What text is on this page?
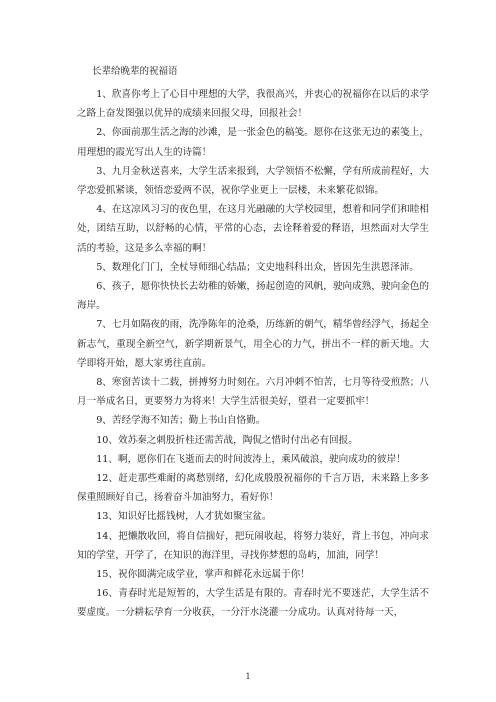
长辈给晚辈的祝福语

1、欣喜你考上了心目中理想的大学，我很高兴，并衷心的祝福你在以后的求学之路上奋发图强以优异的成绩来回报父母，回报社会！

2、你面前那生活之海的沙滩，是一张金色的稿笺。愿你在这张无边的素笺上，用理想的霞光写出人生的诗篇！

3、九月金秋送喜来，大学生活来报到，大学领悟不松懈，学有所成前程好，大学恋爱抓紧谈，领悟恋爱两不误，祝你学业更上一层楼，未来繁花似锦。

4、在这凉风习习的夜色里，在这月光融融的大学校园里，想着和同学们和睦相处，团结互助，以舒畅的心情，平常的心态，去诠释着爱的释语，坦然面对大学生活的考验，这是多么幸福的啊！

5、数理化门门，全杖导师细心结晶；文史地科科出众，皆因先生洪恩泽沛。

6、孩子，愿你快快长去幼稚的娇嫩，扬起创造的风帆，驶向成熟，驶向金色的海岸。

7、七月如隔夜的雨，洗净陈年的沧桑，历练新的朝气，精华曾经浮气，扬起全新志气，重现全新空气，新学期新景气，用全心的力气，拼出不一样的新天地。大学即将开始，愿大家勇往直前。

8、寒窗苦读十二载，拼搏努力时刻在。六月冲刺不怕苦，七月等待受煎熬；八月一举成名日，更要努力为将来！大学生活很美好，望君一定要抓牢！

9、苦经学海不知苦；勤上书山自恪勤。

10、效苏秦之刺股折桂还需苦战，陶侃之惜时付出必有回报。

11、啊，愿你们在飞逝而去的时间波涛上，乘风破浪，驶向成功的彼岸！

12、赶走那些难耐的离愁别绪，幻化成殷殷祝福你的千言万语，未来路上多多保重照顾好自己，扬着奋斗加油努力，看好你！

13、知识好比摇钱树，人才犹如聚宝盆。

14、把懒散收回，将自信揣好，把玩闹收起，将努力装好，背上书包，冲向求知的学堂，开学了，在知识的海洋里，寻找你梦想的岛屿，加油，同学！

15、祝你圆满完成学业，掌声和鲜花永远属于你！

16、青春时光是短暂的，大学生活是有限的。青春时光不要迷茫，大学生活不要虚度。一分耕耘孕育一分收获，一分汗水浇灌一分成功。认真对待每一天，

1
